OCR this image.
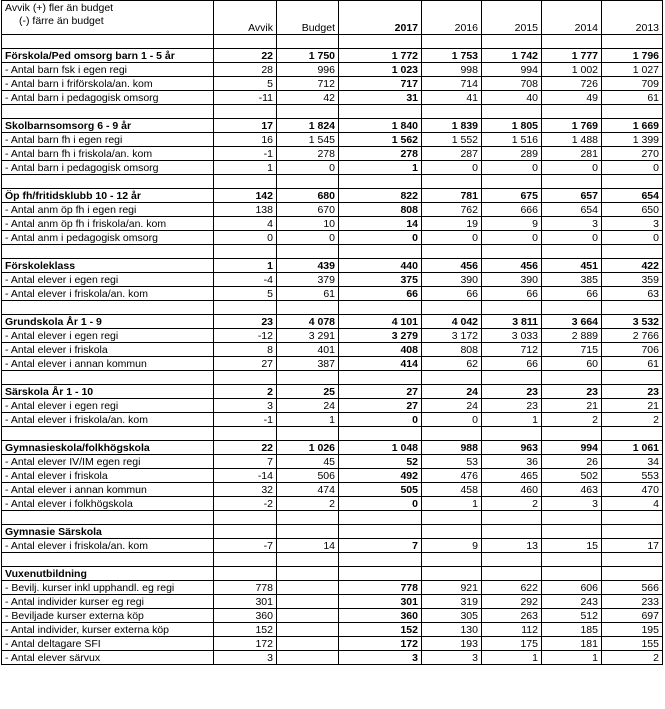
Avvik (+) fler än budget
(-) färre än budget	Avvik	Budget	2017	2016	2015	2014	2013

Förskola/Ped omsorg barn 1 - 5 år	22	1 750	1 772	1 753	1 742	1 777	1 796
- Antal barn fsk i egen regi	28	996	1 023	998	994	1 002	1 027
- Antal barn i friförskola/an. kom	5	712	717	714	708	726	709
- Antal barn i pedagogisk omsorg	-11	42	31	41	40	49	61

Skolbarnsomsorg 6 - 9 år	17	1 824	1 840	1 839	1 805	1 769	1 669
- Antal barn fh i egen regi	16	1 545	1 562	1 552	1 516	1 488	1 399
- Antal barn fh i friskola/an. kom	-1	278	278	287	289	281	270
- Antal barn i pedagogisk omsorg	1	0	1	0	0	0	0

Öp fh/fritidsklubb 10 - 12 år	142	680	822	781	675	657	654
- Antal anm öp fh i egen regi	138	670	808	762	666	654	650
- Antal anm öp fh i friskola/an. kom	4	10	14	19	9	3	3
- Antal anm i pedagogisk omsorg	0	0	0	0	0	0	0

Förskoleklass	1	439	440	456	456	451	422
- Antal elever i egen regi	-4	379	375	390	390	385	359
- Antal elever i friskola/an. kom	5	61	66	66	66	66	63

Grundskola År 1 - 9	23	4 078	4 101	4 042	3 811	3 664	3 532
- Antal elever i egen regi	-12	3 291	3 279	3 172	3 033	2 889	2 766
- Antal elever i friskola	8	401	408	808	712	715	706
- Antal elever i annan kommun	27	387	414	62	66	60	61

Särskola År 1 - 10	2	25	27	24	23	23	23
- Antal elever i egen regi	3	24	27	24	23	21	21
- Antal elever i friskola/an. kom	-1	1	0	0	1	2	2

Gymnasieskola/folkhögskola	22	1 026	1 048	988	963	994	1 061
- Antal elever IV/IM egen regi	7	45	52	53	36	26	34
- Antal elever i friskola	-14	506	492	476	465	502	553
- Antal elever i annan kommun	32	474	505	458	460	463	470
- Antal elever i folkhögskola	-2	2	0	1	2	3	4

Gymnasie Särskola							
- Antal elever i friskola/an. kom	-7	14	7	9	13	15	17

Vuxenutbildning							
- Bevilj. kurser inkl upphandl. eg regi	778		778	921	622	606	566
- Antal individer kurser eg regi	301		301	319	292	243	233
- Beviljade kurser externa köp	360		360	305	263	512	697
- Antal individer, kurser externa köp	152		152	130	112	185	195
- Antal deltagare SFI	172		172	193	175	181	155
- Antal elever särvux	3		3	3	1	1	2
